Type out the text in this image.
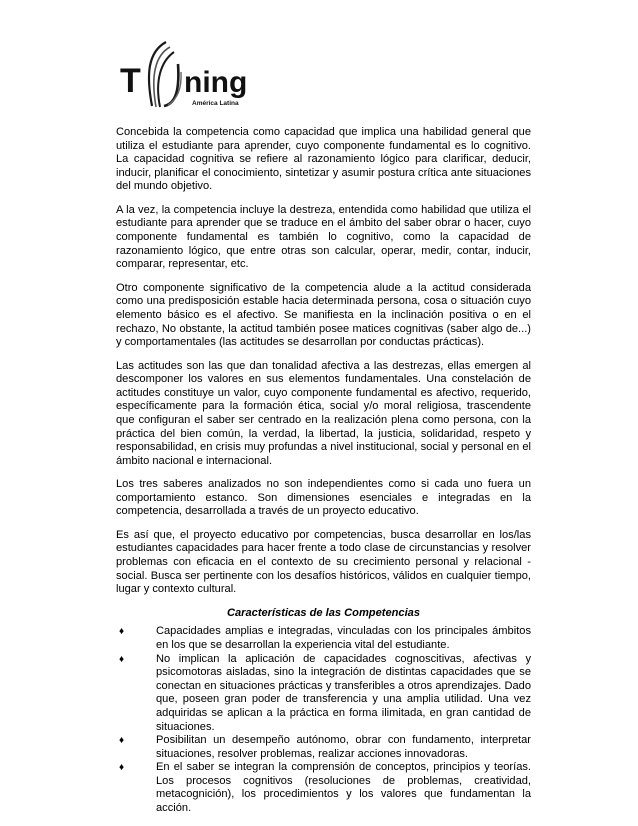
T ning
América Latina

Concebida la competencia como capacidad que implica una habilidad general que utiliza el estudiante para aprender, cuyo componente fundamental es lo cognitivo. La capacidad cognitiva se refiere al razonamiento lógico para clarificar, deducir, inducir, planificar el conocimiento, sintetizar y asumir postura crítica ante situaciones del mundo objetivo.

A la vez, la competencia incluye la destreza, entendida como habilidad que utiliza el estudiante para aprender que se traduce en el ámbito del saber obrar o hacer, cuyo componente fundamental es también lo cognitivo, como la capacidad de razonamiento lógico, que entre otras son calcular, operar, medir, contar, inducir, comparar, representar, etc.

Otro componente significativo de la competencia alude a la actitud considerada como una predisposición estable hacia determinada persona, cosa o situación cuyo elemento básico es el afectivo. Se manifiesta en la inclinación positiva o en el rechazo, No obstante, la actitud también posee matices cognitivas (saber algo de...) y comportamentales (las actitudes se desarrollan por conductas prácticas).

Las actitudes son las que dan tonalidad afectiva a las destrezas, ellas emergen al descomponer los valores en sus elementos fundamentales. Una constelación de actitudes constituye un valor, cuyo componente fundamental es afectivo, requerido, específicamente para la formación ética, social y/o moral religiosa, trascendente que configuran el saber ser centrado en la realización plena como persona, con la práctica del bien común, la verdad, la libertad, la justicia, solidaridad, respeto y responsabilidad, en crisis muy profundas a nivel institucional, social y personal en el ámbito nacional e internacional.

Los tres saberes analizados no son independientes como si cada uno fuera un comportamiento estanco. Son dimensiones esenciales e integradas en la competencia, desarrollada a través de un proyecto educativo.

Es así que, el proyecto educativo por competencias, busca desarrollar en los/las estudiantes capacidades para hacer frente a todo clase de circunstancias y resolver problemas con eficacia en el contexto de su crecimiento personal y relacional - social. Busca ser pertinente con los desafíos históricos, válidos en cualquier tiempo, lugar y contexto cultural.

Características de las Competencias
♦	Capacidades amplias e integradas, vinculadas con los principales ámbitos en los que se desarrollan la experiencia vital del estudiante.
♦	No implican la aplicación de capacidades cognoscitivas, afectivas y psicomotoras aisladas, sino la integración de distintas capacidades que se conectan en situaciones prácticas y transferibles a otros aprendizajes. Dado que, poseen gran poder de transferencia y una amplia utilidad. Una vez adquiridas se aplican a la práctica en forma ilimitada, en gran cantidad de situaciones.
♦	Posibilitan un desempeño autónomo, obrar con fundamento, interpretar situaciones, resolver problemas, realizar acciones innovadoras.
♦	En el saber se integran la comprensión de conceptos, principios y teorías. Los procesos cognitivos (resoluciones de problemas, creatividad, metacognición), los procedimientos y los valores que fundamentan la acción.
